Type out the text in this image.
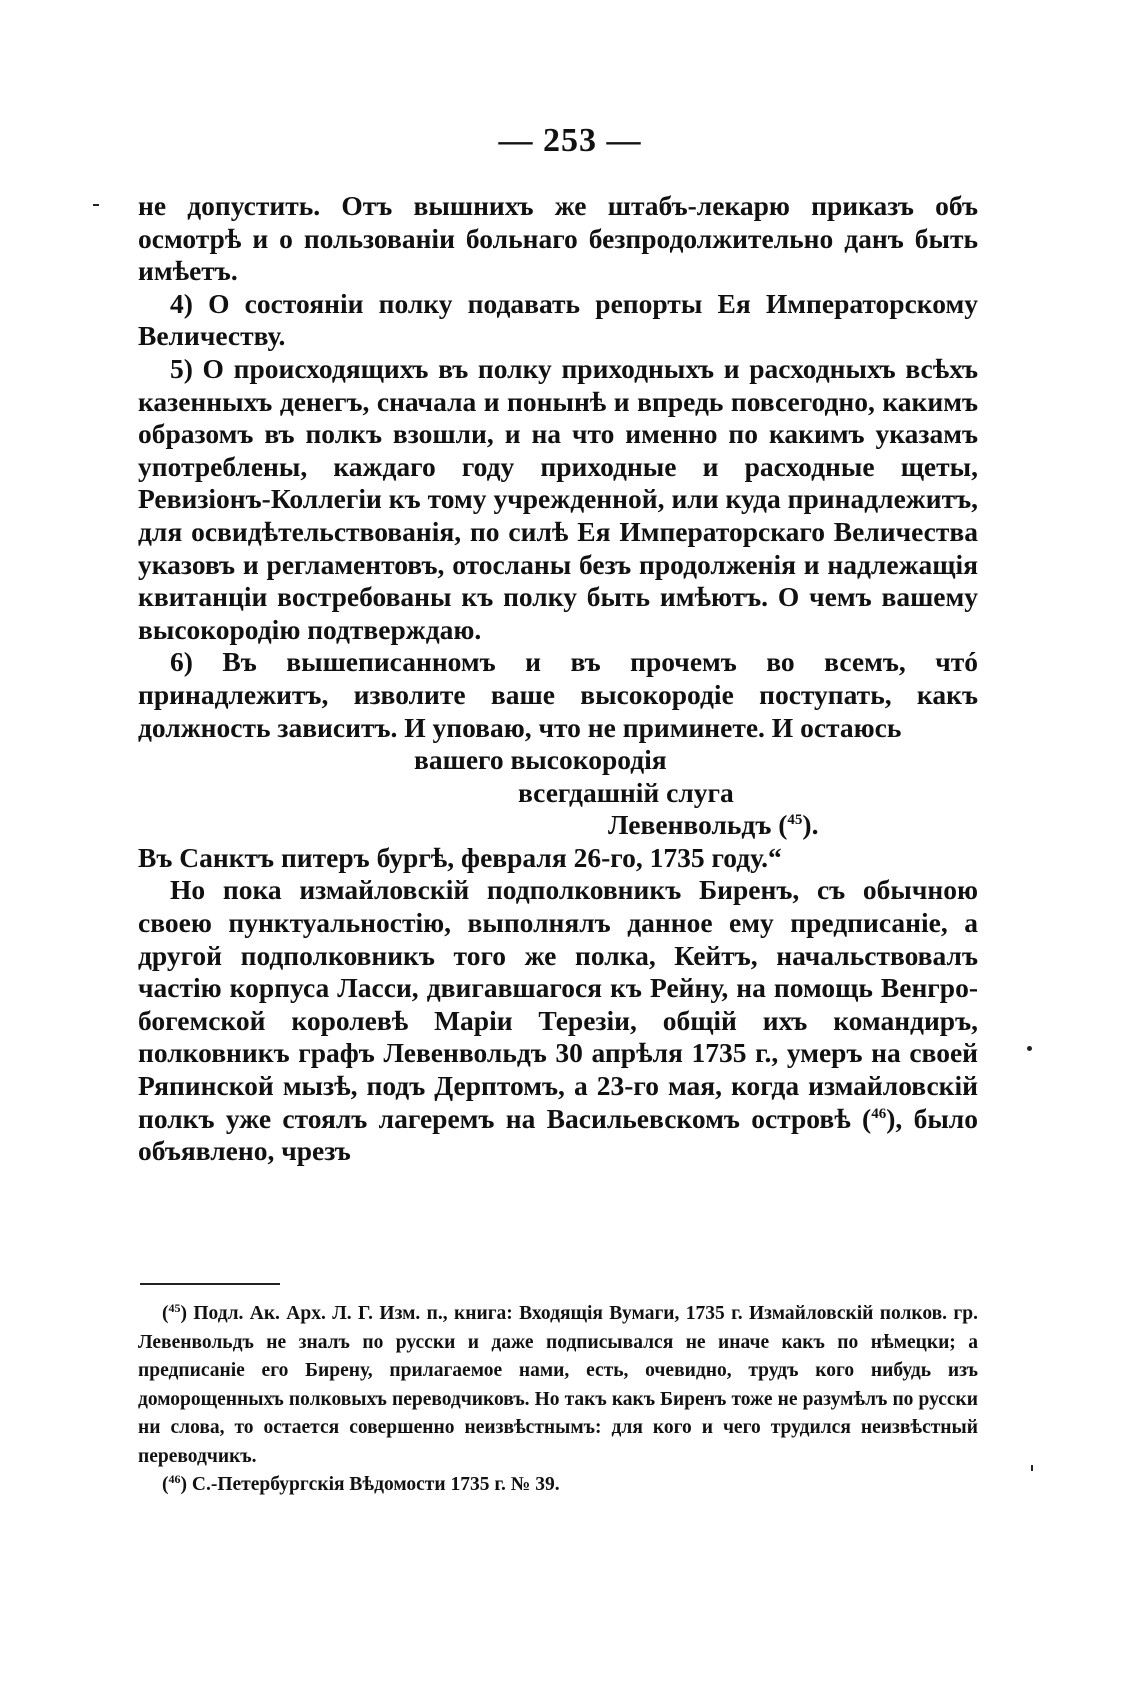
— 253 —

не допустить. Отъ вышнихъ же штабъ-лекарю приказъ объ осмотрѣ и о пользованіи больнаго безпродолжительно данъ быть имѣетъ.

4) О состояніи полку подавать репорты Ея Императорскому Величеству.

5) О происходящихъ въ полку приходныхъ и расходныхъ всѣхъ казенныхъ денегъ, сначала и понынѣ и впредь повсегодно, какимъ образомъ въ полкъ взошли, и на что именно по какимъ указамъ употреблены, каждаго году приходные и расходные щеты, Ревизіонъ-Коллегіи къ тому учрежденной, или куда принадлежитъ, для освидѣтельствованія, по силѣ Ея Императорскаго Величества указовъ и регламентовъ, отосланы безъ продолженія и надлежащія квитанціи востребованы къ полку быть имѣютъ. О чемъ вашему высокородію подтверждаю.

6) Въ вышеписанномъ и въ прочемъ во всемъ, чтó принадлежитъ, изволите ваше высокородіе поступать, какъ должность зависитъ. И уповаю, что не приминете. И остаюсь

вашего высокородія

всегдашній слуга

Левенвольдъ ($^{45}$).

Въ Санктъ питеръ бургѣ, февраля 26-го, 1735 году.“

Но пока измайловскій подполковникъ Биренъ, съ обычною своею пунктуальностію, выполнялъ данное ему предписаніе, а другой подполковникъ того же полка, Кейтъ, начальствовалъ частію корпуса Ласси, двигавшагося къ Рейну, на помощь Венгро-богемской королевѣ Маріи Терезіи, общій ихъ командиръ, полковникъ графъ Левенвольдъ 30 апрѣля 1735 г., умеръ на своей Ряпинской мызѣ, подъ Дерптомъ, а 23-го мая, когда измайловскій полкъ уже стоялъ лагеремъ на Васильевскомъ островѣ ($^{46}$), было объявлено, чрезъ

($^{45}$) Подл. Ак. Арх. Л. Г. Изм. п., книга: Входящія Вумаги, 1735 г. Измайловскій полков. гр. Левенвольдъ не зналъ по русски и даже подписывался не иначе какъ по нѣмецки; а предписаніе его Бирену, прилагаемое нами, есть, очевидно, трудъ кого нибудь изъ доморощенныхъ полковыхъ переводчиковъ. Но такъ какъ Биренъ тоже не разумѣлъ по русски ни слова, то остается совершенно неизвѣстнымъ: для кого и чего трудился неизвѣстный переводчикъ.

($^{46}$) С.-Петербургскія Вѣдомости 1735 г. № 39.
